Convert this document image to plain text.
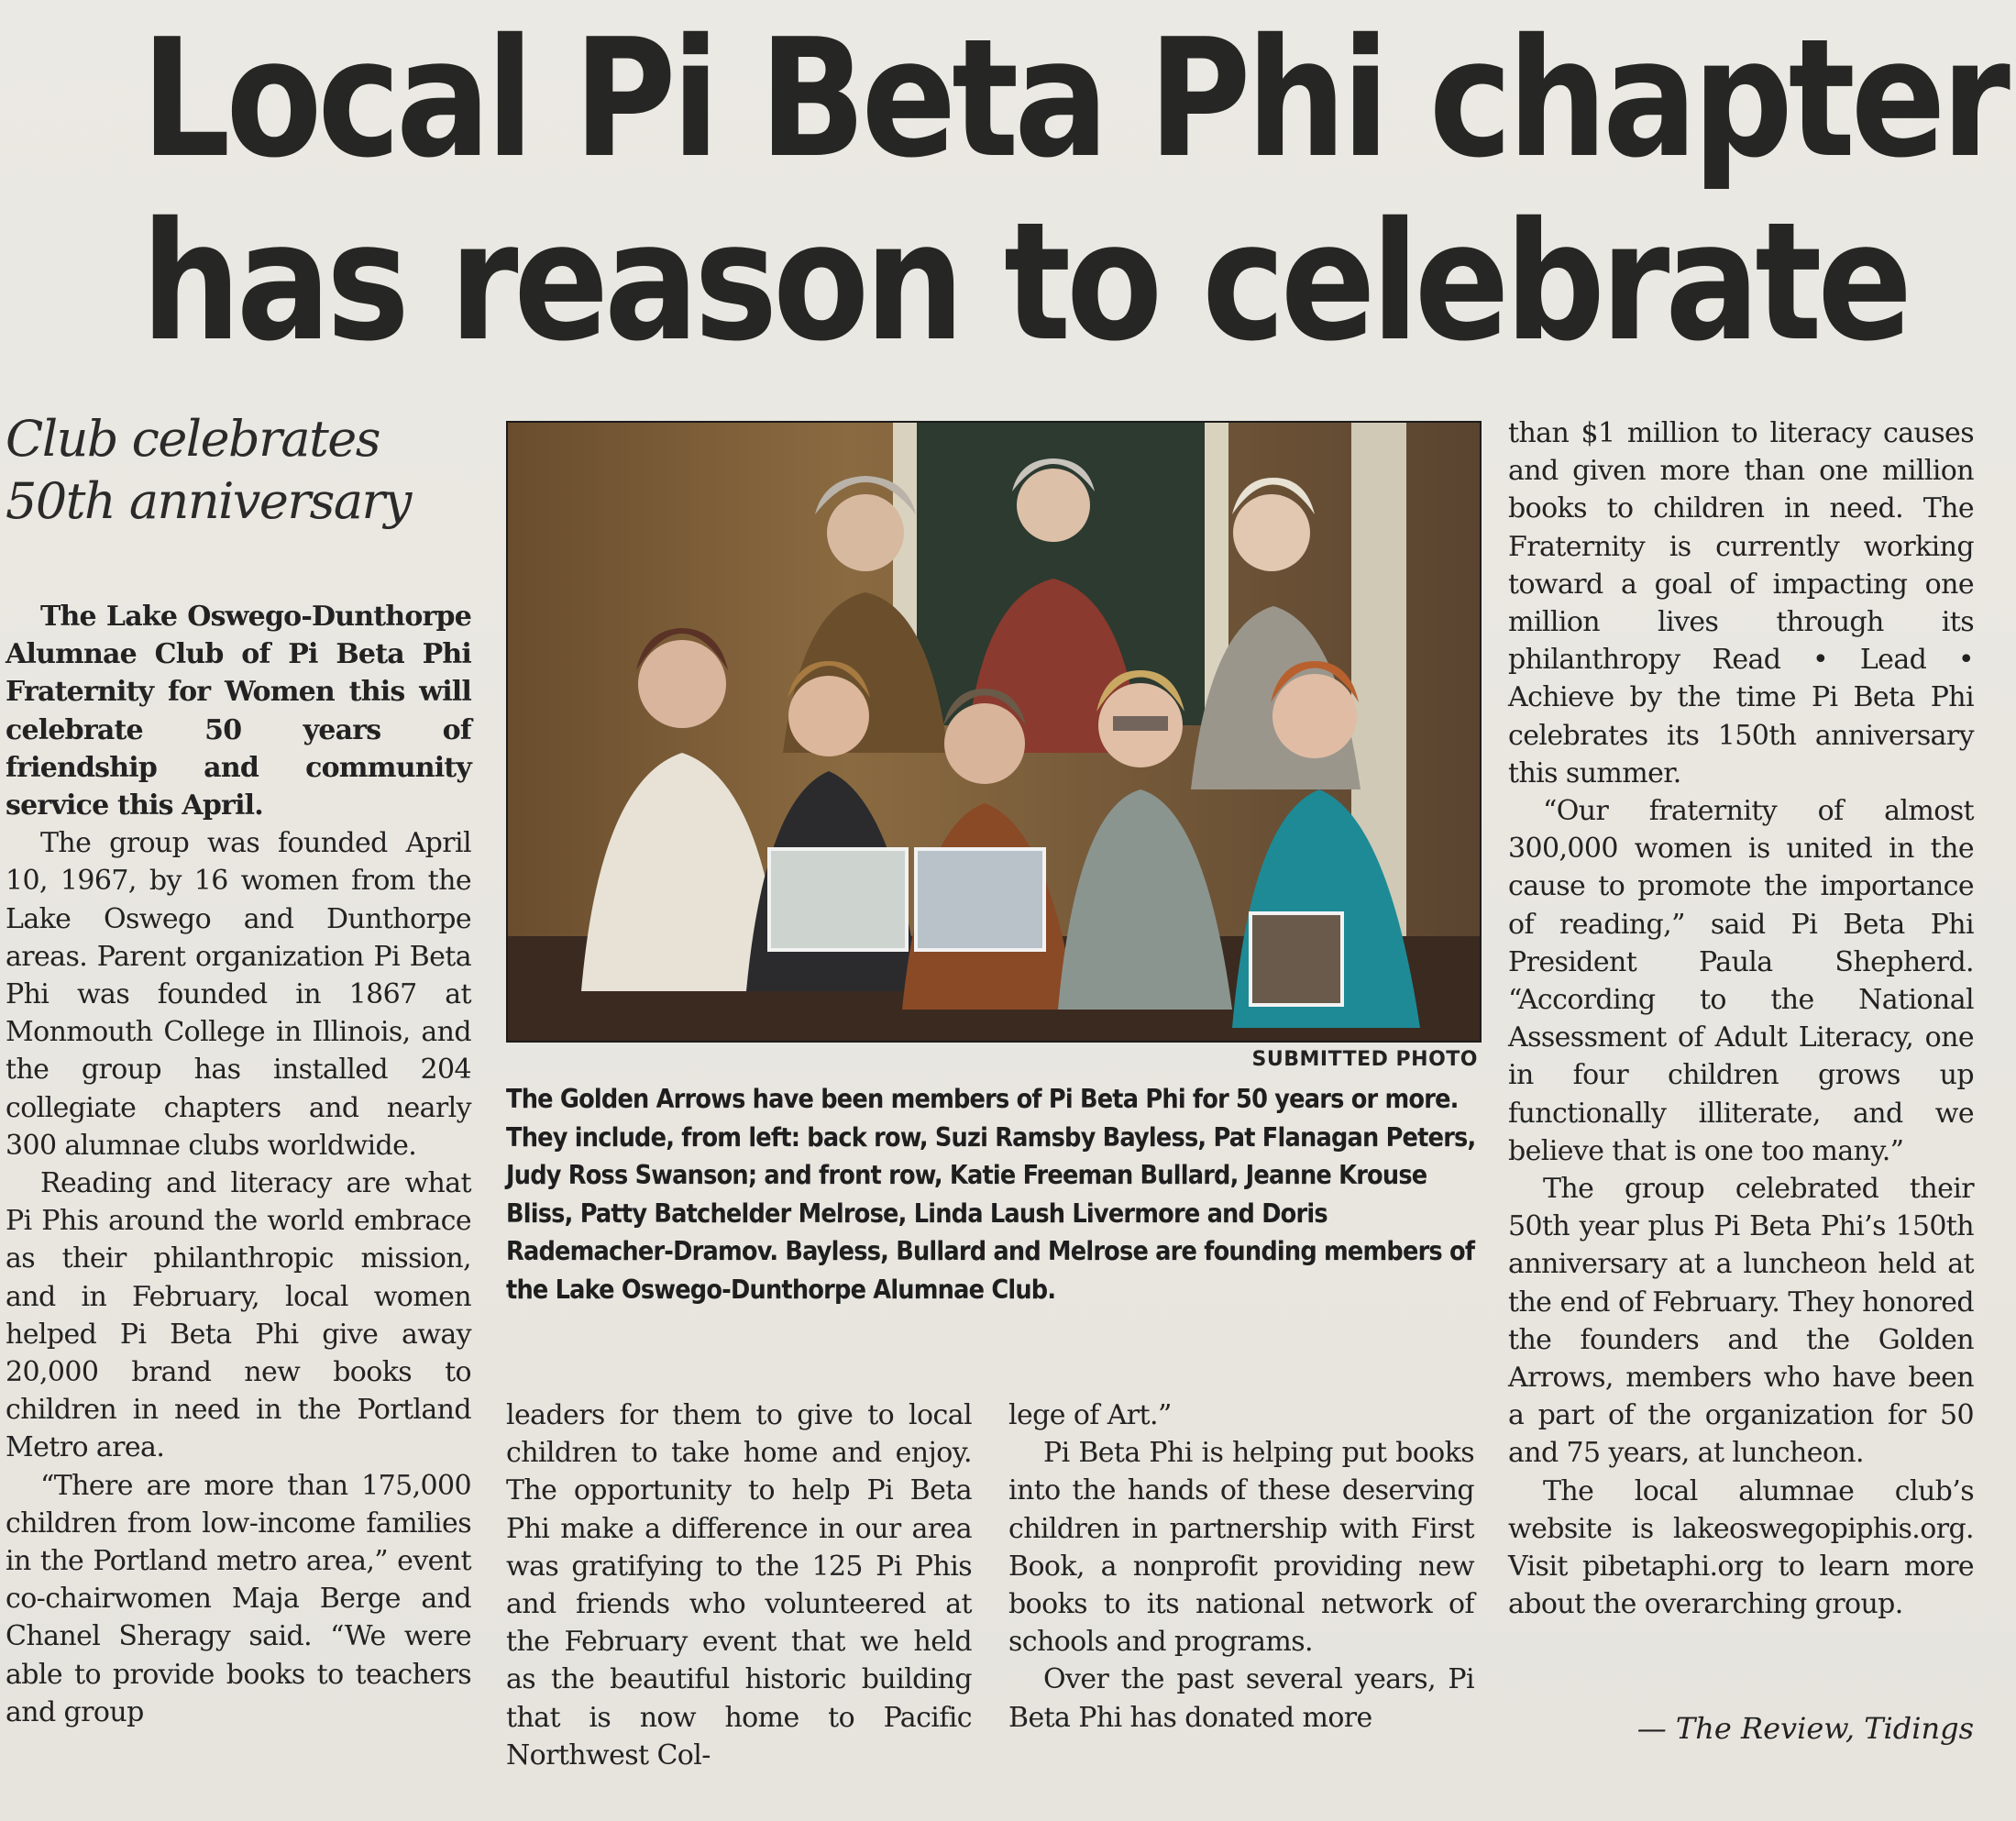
Local Pi Beta Phi chapter
has reason to celebrate
Club celebrates 50th anniversary

The Lake Oswego-Dunthorpe Alumnae Club of Pi Beta Phi Fraternity for Women this will celebrate 50 years of friendship and community service this April.

The group was founded April 10, 1967, by 16 women from the Lake Oswego and Dunthorpe areas. Parent organization Pi Beta Phi was founded in 1867 at Monmouth College in Illinois, and the group has installed 204 collegiate chapters and nearly 300 alumnae clubs worldwide.

Reading and literacy are what Pi Phis around the world embrace as their philanthropic mission, and in February, local women helped Pi Beta Phi give away 20,000 brand new books to children in need in the Portland Metro area.

“There are more than 175,000 children from low-income families in the Portland metro area,” event co-chairwomen Maja Berge and Chanel Sheragy said. “We were able to provide books to teachers and group

SUBMITTED PHOTO
The Golden Arrows have been members of Pi Beta Phi for 50 years or more. They include, from left: back row, Suzi Ramsby Bayless, Pat Flanagan Peters, Judy Ross Swanson; and front row, Katie Freeman Bullard, Jeanne Krouse Bliss, Patty Batchelder Melrose, Linda Laush Livermore and Doris Rademacher-Dramov. Bayless, Bullard and Melrose are founding members of the Lake Oswego-Dunthorpe Alumnae Club.

leaders for them to give to local children to take home and enjoy. The opportunity to help Pi Beta Phi make a difference in our area was gratifying to the 125 Pi Phis and friends who volunteered at the February event that we held as the beautiful historic building that is now home to Pacific Northwest Col-

lege of Art.”

Pi Beta Phi is helping put books into the hands of these deserving children in partnership with First Book, a nonprofit providing new books to its national network of schools and programs.

Over the past several years, Pi Beta Phi has donated more

than $1 million to literacy causes and given more than one million books to children in need. The Fraternity is currently working toward a goal of impacting one million lives through its philanthropy Read • Lead • Achieve by the time Pi Beta Phi celebrates its 150th anniversary this summer.

“Our fraternity of almost 300,000 women is united in the cause to promote the importance of reading,” said Pi Beta Phi President Paula Shepherd. “According to the National Assessment of Adult Literacy, one in four children grows up functionally illiterate, and we believe that is one too many.”

The group celebrated their 50th year plus Pi Beta Phi’s 150th anniversary at a luncheon held at the end of February. They honored the founders and the Golden Arrows, members who have been a part of the organization for 50 and 75 years, at luncheon.

The local alumnae club’s website is lakeoswegopiphis.org. Visit pibetaphi.org to learn more about the overarching group.

— The Review, Tidings
